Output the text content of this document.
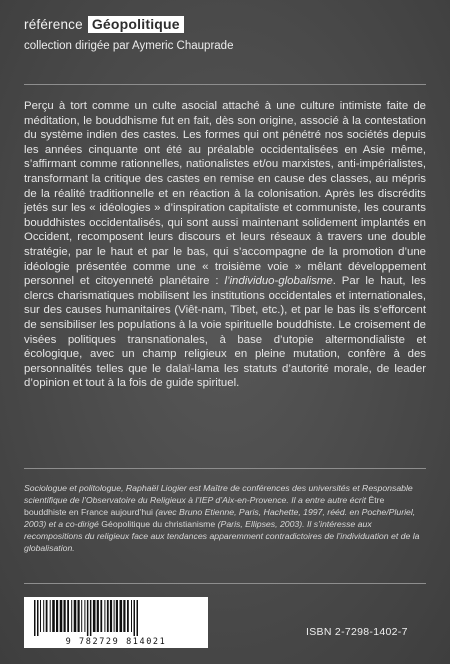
référence Géopolitique
collection dirigée par Aymeric Chauprade

Perçu à tort comme un culte asocial attaché à une culture intimiste faite de méditation, le bouddhisme fut en fait, dès son origine, associé à la contestation du système indien des castes. Les formes qui ont pénétré nos sociétés depuis les années cinquante ont été au préalable occidentalisées en Asie même, s’affirmant comme rationnelles, nationalistes et/ou marxistes, anti-impérialistes, transformant la critique des castes en remise en cause des classes, au mépris de la réalité traditionnelle et en réaction à la colonisation. Après les discrédits jetés sur les « idéologies » d’inspiration capitaliste et communiste, les courants bouddhistes occidentalisés, qui sont aussi maintenant solidement implantés en Occident, recomposent leurs discours et leurs réseaux à travers une double stratégie, par le haut et par le bas, qui s’accompagne de la promotion d’une idéologie présentée comme une « troisième voie » mêlant développement personnel et citoyenneté planétaire : l’individuo-globalisme. Par le haut, les clercs charismatiques mobilisent les institutions occidentales et internationales, sur des causes humanitaires (Viêt-nam, Tibet, etc.), et par le bas ils s’efforcent de sensibiliser les populations à la voie spirituelle bouddhiste. Le croisement de visées politiques transnationales, à base d’utopie altermondialiste et écologique, avec un champ religieux en pleine mutation, confère à des personnalités telles que le dalaï-lama les statuts d’autorité morale, de leader d’opinion et tout à la fois de guide spirituel.

Sociologue et politologue, Raphaël Liogier est Maître de conférences des universités et Responsable scientifique de l’Observatoire du Religieux à l’IEP d’Aix-en-Provence. Il a entre autre écrit Être bouddhiste en France aujourd’hui (avec Bruno Etienne, Paris, Hachette, 1997, rééd. en Poche/Pluriel, 2003) et a co-dirigé Géopolitique du christianisme (Paris, Ellipses, 2003). Il s’intéresse aux recompositions du religieux face aux tendances apparemment contradictoires de l’individuation et de la globalisation.

9 782729 814021
ISBN 2-7298-1402-7
